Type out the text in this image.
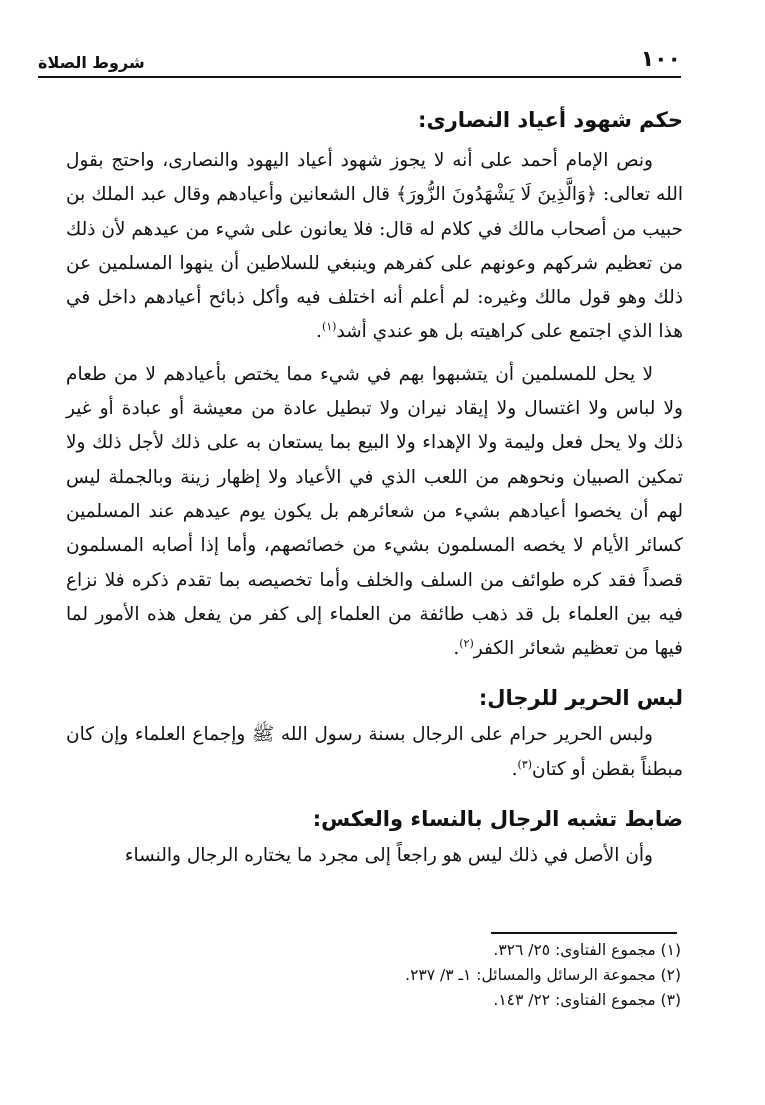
١٠٠
شروط الصلاة
حكم شهود أعياد النصارى:

ونص الإمام أحمد على أنه لا يجوز شهود أعياد اليهود والنصارى، واحتج بقول الله تعالى: ﴿وَالَّذِينَ لَا يَشْهَدُونَ الزُّورَ﴾ قال الشعانين وأعيادهم وقال عبد الملك بن حبيب من أصحاب مالك في كلام له قال: فلا يعانون على شيء من عيدهم لأن ذلك من تعظيم شركهم وعونهم على كفرهم وينبغي للسلاطين أن ينهوا المسلمين عن ذلك وهو قول مالك وغيره: لم أعلم أنه اختلف فيه وأكل ذبائح أعيادهم داخل في هذا الذي اجتمع على كراهيته بل هو عندي أشد$^{(١)}$.

لا يحل للمسلمين أن يتشبهوا بهم في شيء مما يختص بأعيادهم لا من طعام ولا لباس ولا اغتسال ولا إيقاد نيران ولا تبطيل عادة من معيشة أو عبادة أو غير ذلك ولا يحل فعل وليمة ولا الإهداء ولا البيع بما يستعان به على ذلك لأجل ذلك ولا تمكين الصبيان ونحوهم من اللعب الذي في الأعياد ولا إظهار زينة وبالجملة ليس لهم أن يخصوا أعيادهم بشيء من شعائرهم بل يكون يوم عيدهم عند المسلمين كسائر الأيام لا يخصه المسلمون بشيء من خصائصهم، وأما إذا أصابه المسلمون قصداً فقد كره طوائف من السلف والخلف وأما تخصيصه بما تقدم ذكره فلا نزاع فيه بين العلماء بل قد ذهب طائفة من العلماء إلى كفر من يفعل هذه الأمور لما فيها من تعظيم شعائر الكفر$^{(٢)}$.

لبس الحرير للرجال:

ولبس الحرير حرام على الرجال بسنة رسول الله ﷺ وإجماع العلماء وإن كان مبطناً بقطن أو كتان$^{(٣)}$.

ضابط تشبه الرجال بالنساء والعكس:

وأن الأصل في ذلك ليس هو راجعاً إلى مجرد ما يختاره الرجال والنساء

(١) مجموع الفتاوى: ٢٥/ ٣٢٦.
(٢) مجموعة الرسائل والمسائل: ١ـ ٣/ ٢٣٧.
(٣) مجموع الفتاوى: ٢٢/ ١٤٣.
